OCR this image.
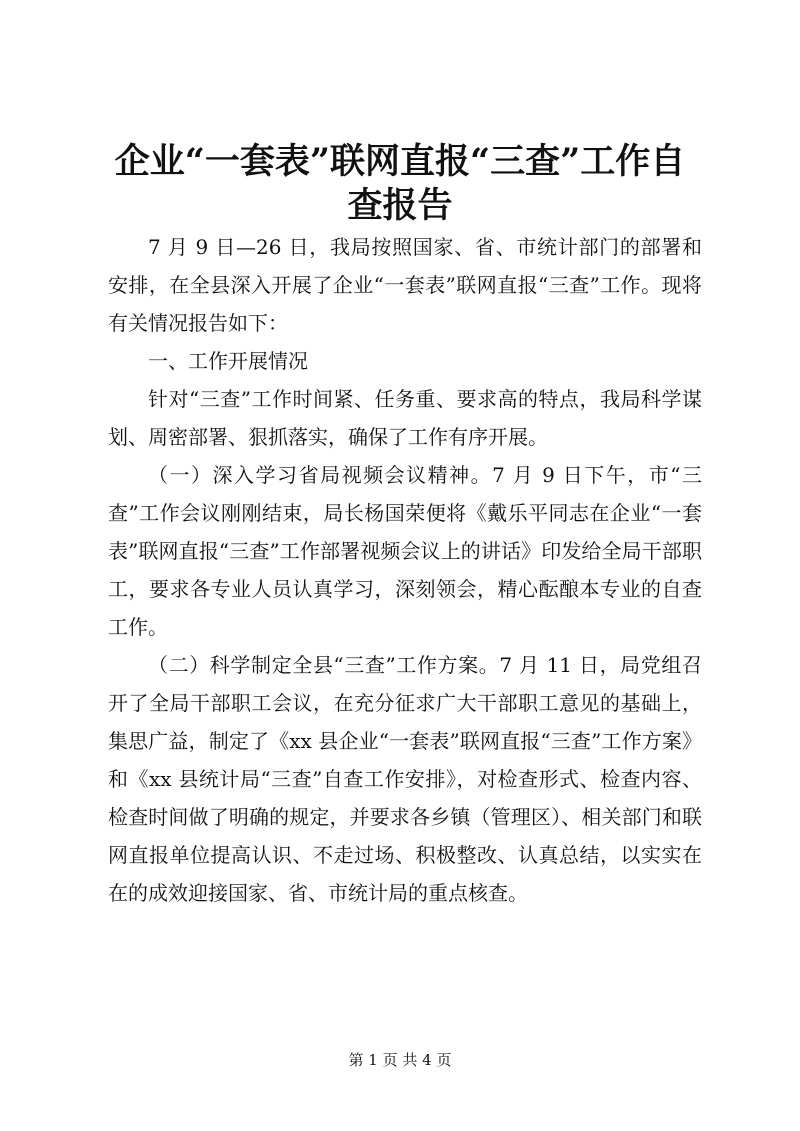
企业“一套表”联网直报“三查”工作自查报告

7 月 9 日—26 日，我局按照国家、省、市统计部门的部署和安排，在全县深入开展了企业“一套表”联网直报“三查”工作。现将有关情况报告如下：

一、工作开展情况

针对“三查”工作时间紧、任务重、要求高的特点，我局科学谋划、周密部署、狠抓落实，确保了工作有序开展。

（一）深入学习省局视频会议精神。7 月 9 日下午，市“三查”工作会议刚刚结束，局长杨国荣便将《戴乐平同志在企业“一套表”联网直报“三查”工作部署视频会议上的讲话》印发给全局干部职工，要求各专业人员认真学习，深刻领会，精心酝酿本专业的自查工作。

（二）科学制定全县“三查”工作方案。7 月 11 日，局党组召开了全局干部职工会议，在充分征求广大干部职工意见的基础上，集思广益，制定了《xx 县企业“一套表”联网直报“三查”工作方案》和《xx 县统计局“三查”自查工作安排》，对检查形式、检查内容、检查时间做了明确的规定，并要求各乡镇（管理区）、相关部门和联网直报单位提高认识、不走过场、积极整改、认真总结，以实实在在的成效迎接国家、省、市统计局的重点核查。

第 1 页 共 4 页
